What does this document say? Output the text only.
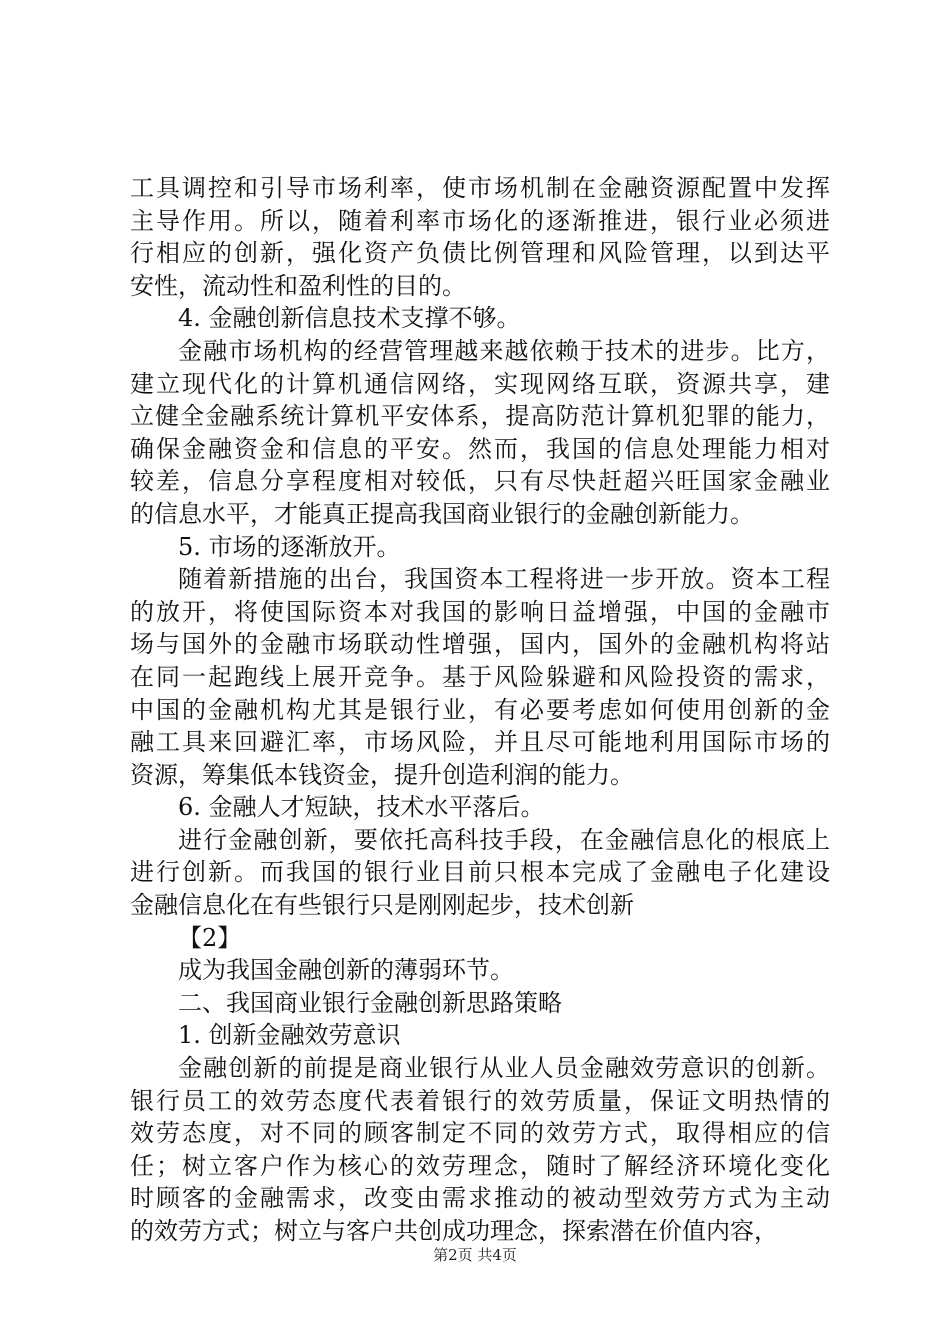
工具调控和引导市场利率，使市场机制在金融资源配置中发挥
主导作用。所以，随着利率市场化的逐渐推进，银行业必须进
行相应的创新，强化资产负债比例管理和风险管理，以到达平
安性，流动性和盈利性的目的。
4. 金融创新信息技术支撑不够。
金融市场机构的经营管理越来越依赖于技术的进步。比方，
建立现代化的计算机通信网络，实现网络互联，资源共享，建
立健全金融系统计算机平安体系，提高防范计算机犯罪的能力，
确保金融资金和信息的平安。然而，我国的信息处理能力相对
较差，信息分享程度相对较低，只有尽快赶超兴旺国家金融业
的信息水平，才能真正提高我国商业银行的金融创新能力。
5. 市场的逐渐放开。
随着新措施的出台，我国资本工程将进一步开放。资本工程
的放开，将使国际资本对我国的影响日益增强，中国的金融市
场与国外的金融市场联动性增强，国内，国外的金融机构将站
在同一起跑线上展开竞争。基于风险躲避和风险投资的需求，
中国的金融机构尤其是银行业，有必要考虑如何使用创新的金
融工具来回避汇率，市场风险，并且尽可能地利用国际市场的
资源，筹集低本钱资金，提升创造利润的能力。
6. 金融人才短缺，技术水平落后。
进行金融创新，要依托高科技手段，在金融信息化的根底上
进行创新。而我国的银行业目前只根本完成了金融电子化建设
金融信息化在有些银行只是刚刚起步，技术创新
【2】
成为我国金融创新的薄弱环节。
二、我国商业银行金融创新思路策略
1. 创新金融效劳意识
金融创新的前提是商业银行从业人员金融效劳意识的创新。
银行员工的效劳态度代表着银行的效劳质量，保证文明热情的
效劳态度，对不同的顾客制定不同的效劳方式，取得相应的信
任；树立客户作为核心的效劳理念，随时了解经济环境化变化
时顾客的金融需求，改变由需求推动的被动型效劳方式为主动
的效劳方式；树立与客户共创成功理念，探索潜在价值内容，
第2页 共4页
